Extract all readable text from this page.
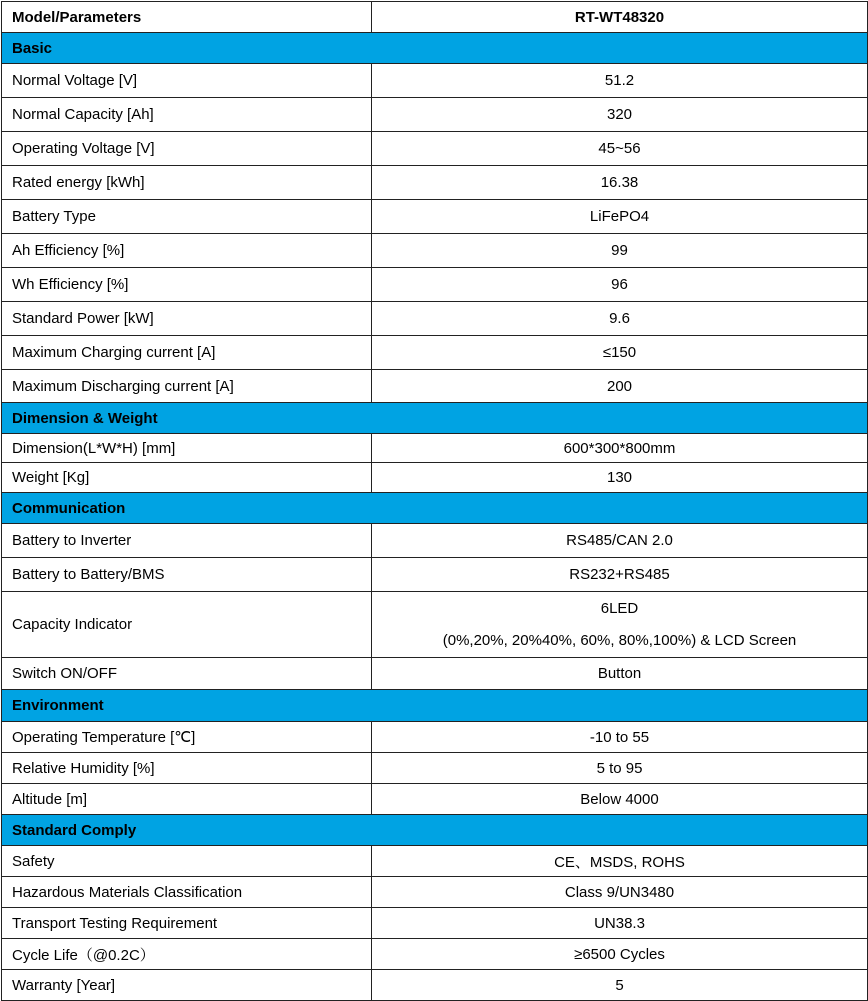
Model/Parameters	RT-WT48320
Basic	
Normal Voltage [V]	51.2
Normal Capacity [Ah]	320
Operating Voltage [V]	45~56
Rated energy [kWh]	16.38
Battery Type	LiFePO4
Ah Efficiency [%]	99
Wh Efficiency [%]	96
Standard Power [kW]	9.6
Maximum Charging current [A]	≤150
Maximum Discharging current [A]	200
Dimension & Weight	
Dimension(L*W*H) [mm]	600*300*800mm
Weight [Kg]	130
Communication	
Battery to Inverter	RS485/CAN 2.0
Battery to Battery/BMS	RS232+RS485
Capacity Indicator	6LED
(0%,20%, 20%40%, 60%, 80%,100%) & LCD Screen

Switch ON/OFF	Button
Environment	
Operating Temperature [℃]	-10 to 55
Relative Humidity [%]	5 to 95
Altitude [m]	Below 4000
Standard Comply	
Safety	CE、MSDS, ROHS
Hazardous Materials Classification	Class 9/UN3480
Transport Testing Requirement	UN38.3
Cycle Life（@0.2C）	≥6500 Cycles
Warranty [Year]	5
